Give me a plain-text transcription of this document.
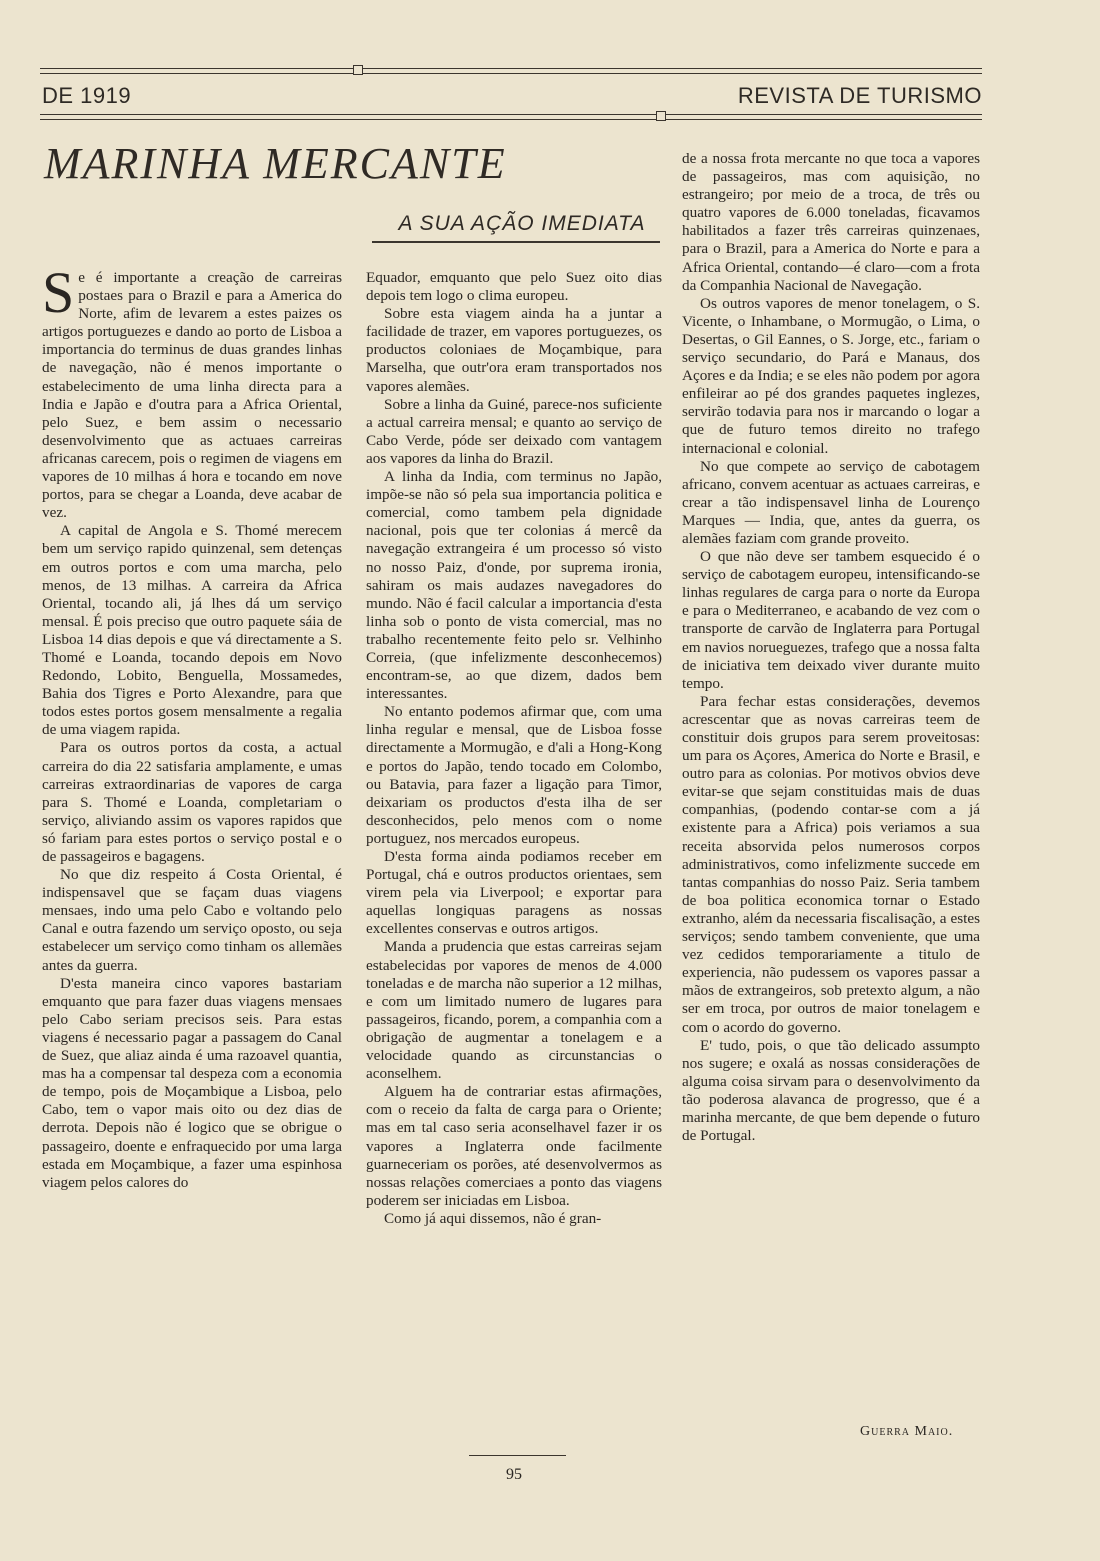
DE 1919	REVISTA DE TURISMO
MARINHA MERCANTE
A SUA AÇÃO IMEDIATA

Se é importante a creação de carreiras postaes para o Brazil e para a America do Norte, afim de levarem a estes paizes os artigos portuguezes e dando ao porto de Lisboa a importancia do terminus de duas grandes linhas de navegação, não é menos importante o estabelecimento de uma linha directa para a India e Japão e d'outra para a Africa Oriental, pelo Suez, e bem assim o necessario desenvolvimento que as actuaes carreiras africanas carecem, pois o regimen de viagens em vapores de 10 milhas á hora e tocando em nove portos, para se chegar a Loanda, deve acabar de vez.

A capital de Angola e S. Thomé merecem bem um serviço rapido quinzenal, sem detenças em outros portos e com uma marcha, pelo menos, de 13 milhas. A carreira da Africa Oriental, tocando ali, já lhes dá um serviço mensal. É pois preciso que outro paquete sáia de Lisboa 14 dias depois e que vá directamente a S. Thomé e Loanda, tocando depois em Novo Redondo, Lobito, Benguella, Mossamedes, Bahia dos Tigres e Porto Alexandre, para que todos estes portos gosem mensalmente a regalia de uma viagem rapida.

Para os outros portos da costa, a actual carreira do dia 22 satisfaria amplamente, e umas carreiras extraordinarias de vapores de carga para S. Thomé e Loanda, completariam o serviço, aliviando assim os vapores rapidos que só fariam para estes portos o serviço postal e o de passageiros e bagagens.

No que diz respeito á Costa Oriental, é indispensavel que se façam duas viagens mensaes, indo uma pelo Cabo e voltando pelo Canal e outra fazendo um serviço oposto, ou seja estabelecer um serviço como tinham os allemães antes da guerra.

D'esta maneira cinco vapores bastariam emquanto que para fazer duas viagens mensaes pelo Cabo seriam precisos seis. Para estas viagens é necessario pagar a passagem do Canal de Suez, que aliaz ainda é uma razoavel quantia, mas ha a compensar tal despeza com a economia de tempo, pois de Moçambique a Lisboa, pelo Cabo, tem o vapor mais oito ou dez dias de derrota. Depois não é logico que se obrigue o passageiro, doente e enfraquecido por uma larga estada em Moçambique, a fazer uma espinhosa viagem pelos calores do

Equador, emquanto que pelo Suez oito dias depois tem logo o clima europeu.

Sobre esta viagem ainda ha a juntar a facilidade de trazer, em vapores portuguezes, os productos coloniaes de Moçambique, para Marselha, que outr'ora eram transportados nos vapores alemães.

Sobre a linha da Guiné, parece-nos suficiente a actual carreira mensal; e quanto ao serviço de Cabo Verde, póde ser deixado com vantagem aos vapores da linha do Brazil.

A linha da India, com terminus no Japão, impõe-se não só pela sua importancia politica e comercial, como tambem pela dignidade nacional, pois que ter colonias á mercê da navegação extrangeira é um processo só visto no nosso Paiz, d'onde, por suprema ironia, sahiram os mais audazes navegadores do mundo. Não é facil calcular a importancia d'esta linha sob o ponto de vista comercial, mas no trabalho recentemente feito pelo sr. Velhinho Correia, (que infelizmente desconhecemos) encontram-se, ao que dizem, dados bem interessantes.

No entanto podemos afirmar que, com uma linha regular e mensal, que de Lisboa fosse directamente a Mormugão, e d'ali a Hong-Kong e portos do Japão, tendo tocado em Colombo, ou Batavia, para fazer a ligação para Timor, deixariam os productos d'esta ilha de ser desconhecidos, pelo menos com o nome portuguez, nos mercados europeus.

D'esta forma ainda podiamos receber em Portugal, chá e outros productos orientaes, sem virem pela via Liverpool; e exportar para aquellas longiquas paragens as nossas excellentes conservas e outros artigos.

Manda a prudencia que estas carreiras sejam estabelecidas por vapores de menos de 4.000 toneladas e de marcha não superior a 12 milhas, e com um limitado numero de lugares para passageiros, ficando, porem, a companhia com a obrigação de augmentar a tonelagem e a velocidade quando as circunstancias o aconselhem.

Alguem ha de contrariar estas afirmações, com o receio da falta de carga para o Oriente; mas em tal caso seria aconselhavel fazer ir os vapores a Inglaterra onde facilmente guarneceriam os porões, até desenvolvermos as nossas relações comerciaes a ponto das viagens poderem ser iniciadas em Lisboa.

Como já aqui dissemos, não é gran-

de a nossa frota mercante no que toca a vapores de passageiros, mas com aquisição, no estrangeiro; por meio de a troca, de três ou quatro vapores de 6.000 toneladas, ficavamos habilitados a fazer três carreiras quinzenaes, para o Brazil, para a America do Norte e para a Africa Oriental, contando—é claro—com a frota da Companhia Nacional de Navegação.

Os outros vapores de menor tonelagem, o S. Vicente, o Inhambane, o Mormugão, o Lima, o Desertas, o Gil Eannes, o S. Jorge, etc., fariam o serviço secundario, do Pará e Manaus, dos Açores e da India; e se eles não podem por agora enfileirar ao pé dos grandes paquetes inglezes, servirão todavia para nos ir marcando o logar a que de futuro temos direito no trafego internacional e colonial.

No que compete ao serviço de cabotagem africano, convem acentuar as actuaes carreiras, e crear a tão indispensavel linha de Lourenço Marques — India, que, antes da guerra, os alemães faziam com grande proveito.

O que não deve ser tambem esquecido é o serviço de cabotagem europeu, intensificando-se linhas regulares de carga para o norte da Europa e para o Mediterraneo, e acabando de vez com o transporte de carvão de Inglaterra para Portugal em navios norueguezes, trafego que a nossa falta de iniciativa tem deixado viver durante muito tempo.

Para fechar estas considerações, devemos acrescentar que as novas carreiras teem de constituir dois grupos para serem proveitosas: um para os Açores, America do Norte e Brasil, e outro para as colonias. Por motivos obvios deve evitar-se que sejam constituidas mais de duas companhias, (podendo contar-se com a já existente para a Africa) pois veriamos a sua receita absorvida pelos numerosos corpos administrativos, como infelizmente succede em tantas companhias do nosso Paiz. Seria tambem de boa politica economica tornar o Estado extranho, além da necessaria fiscalisação, a estes serviços; sendo tambem conveniente, que uma vez cedidos temporariamente a titulo de experiencia, não pudessem os vapores passar a mãos de extrangeiros, sob pretexto algum, a não ser em troca, por outros de maior tonelagem e com o acordo do governo.

E' tudo, pois, o que tão delicado assumpto nos sugere; e oxalá as nossas considerações de alguma coisa sirvam para o desenvolvimento da tão poderosa alavanca de progresso, que é a marinha mercante, de que bem depende o futuro de Portugal.

Guerra Maio.
95
